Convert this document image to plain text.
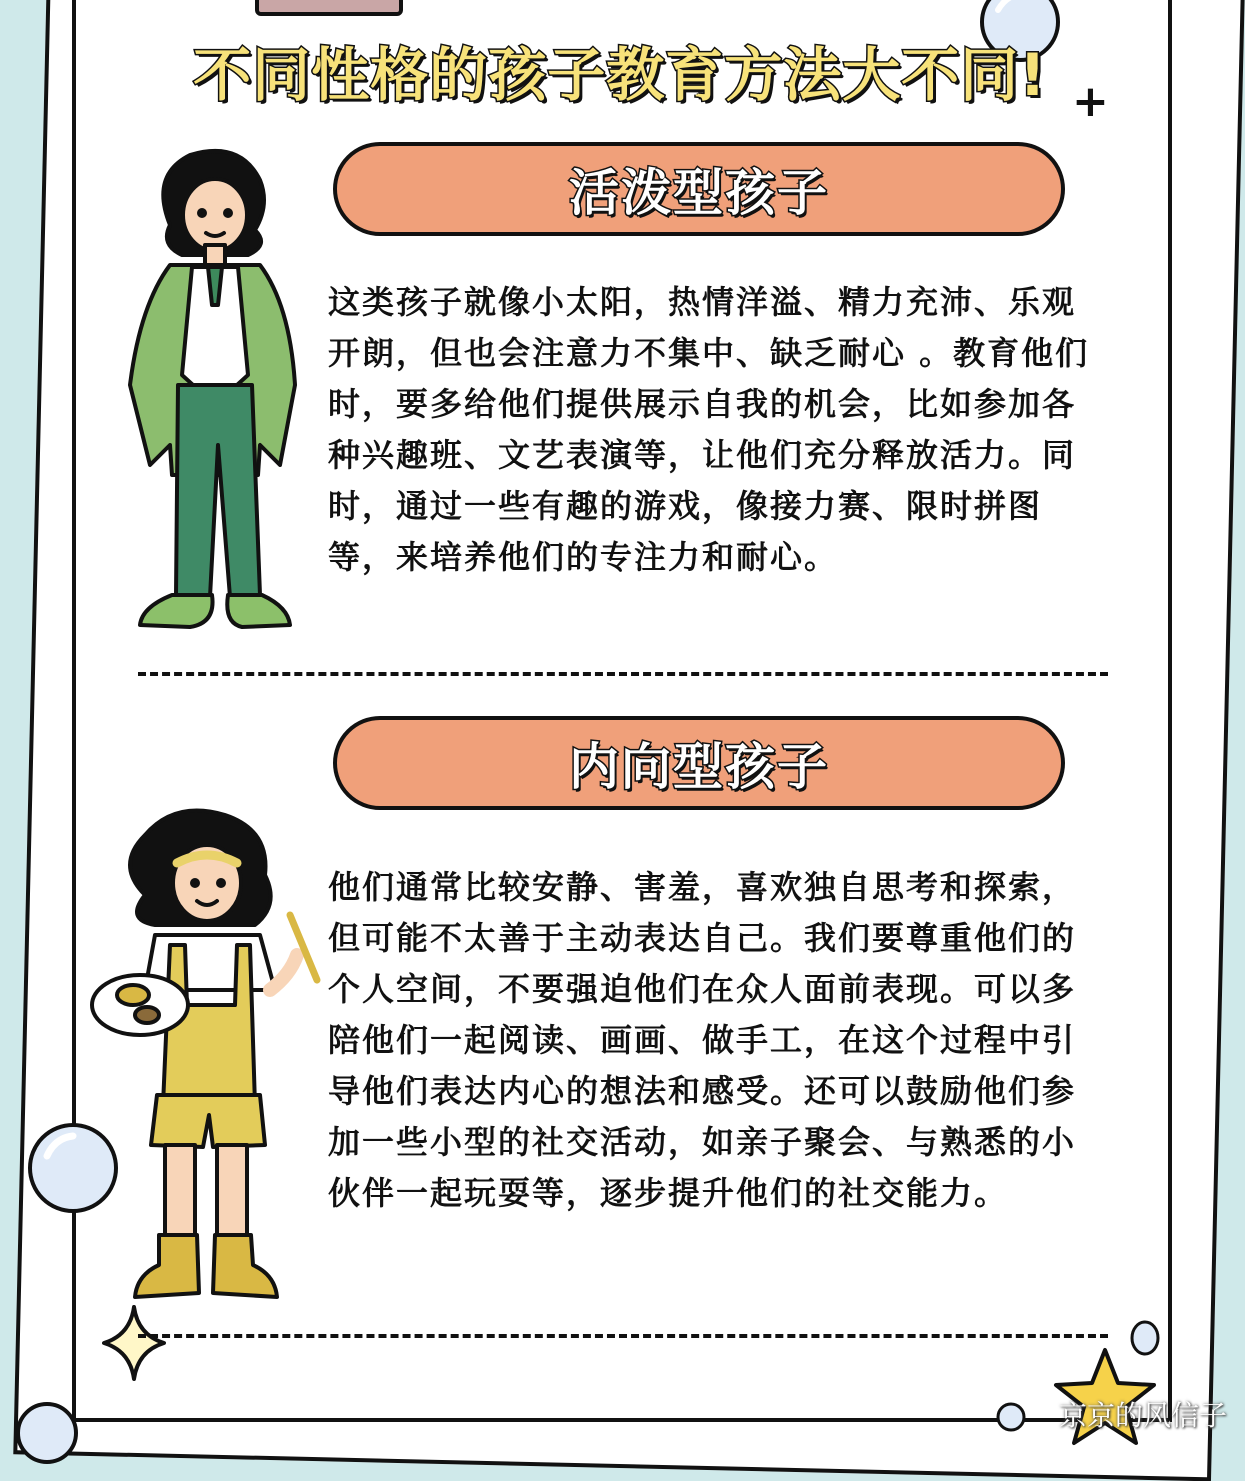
不同性格的孩子教育方法大不同! +
活泼型孩子
这类孩子就像小太阳，热情洋溢、精力充沛、乐观开朗，但也会注意力不集中、缺乏耐心 。教育他们时，要多给他们提供展示自我的机会，比如参加各种兴趣班、文艺表演等，让他们充分释放活力。同时，通过一些有趣的游戏，像接力赛、限时拼图等，来培养他们的专注力和耐心。
内向型孩子
他们通常比较安静、害羞，喜欢独自思考和探索，但可能不太善于主动表达自己。我们要尊重他们的个人空间，不要强迫他们在众人面前表现。可以多陪他们一起阅读、画画、做手工，在这个过程中引导他们表达内心的想法和感受。还可以鼓励他们参加一些小型的社交活动，如亲子聚会、与熟悉的小伙伴一起玩耍等，逐步提升他们的社交能力。
京京的风信子
